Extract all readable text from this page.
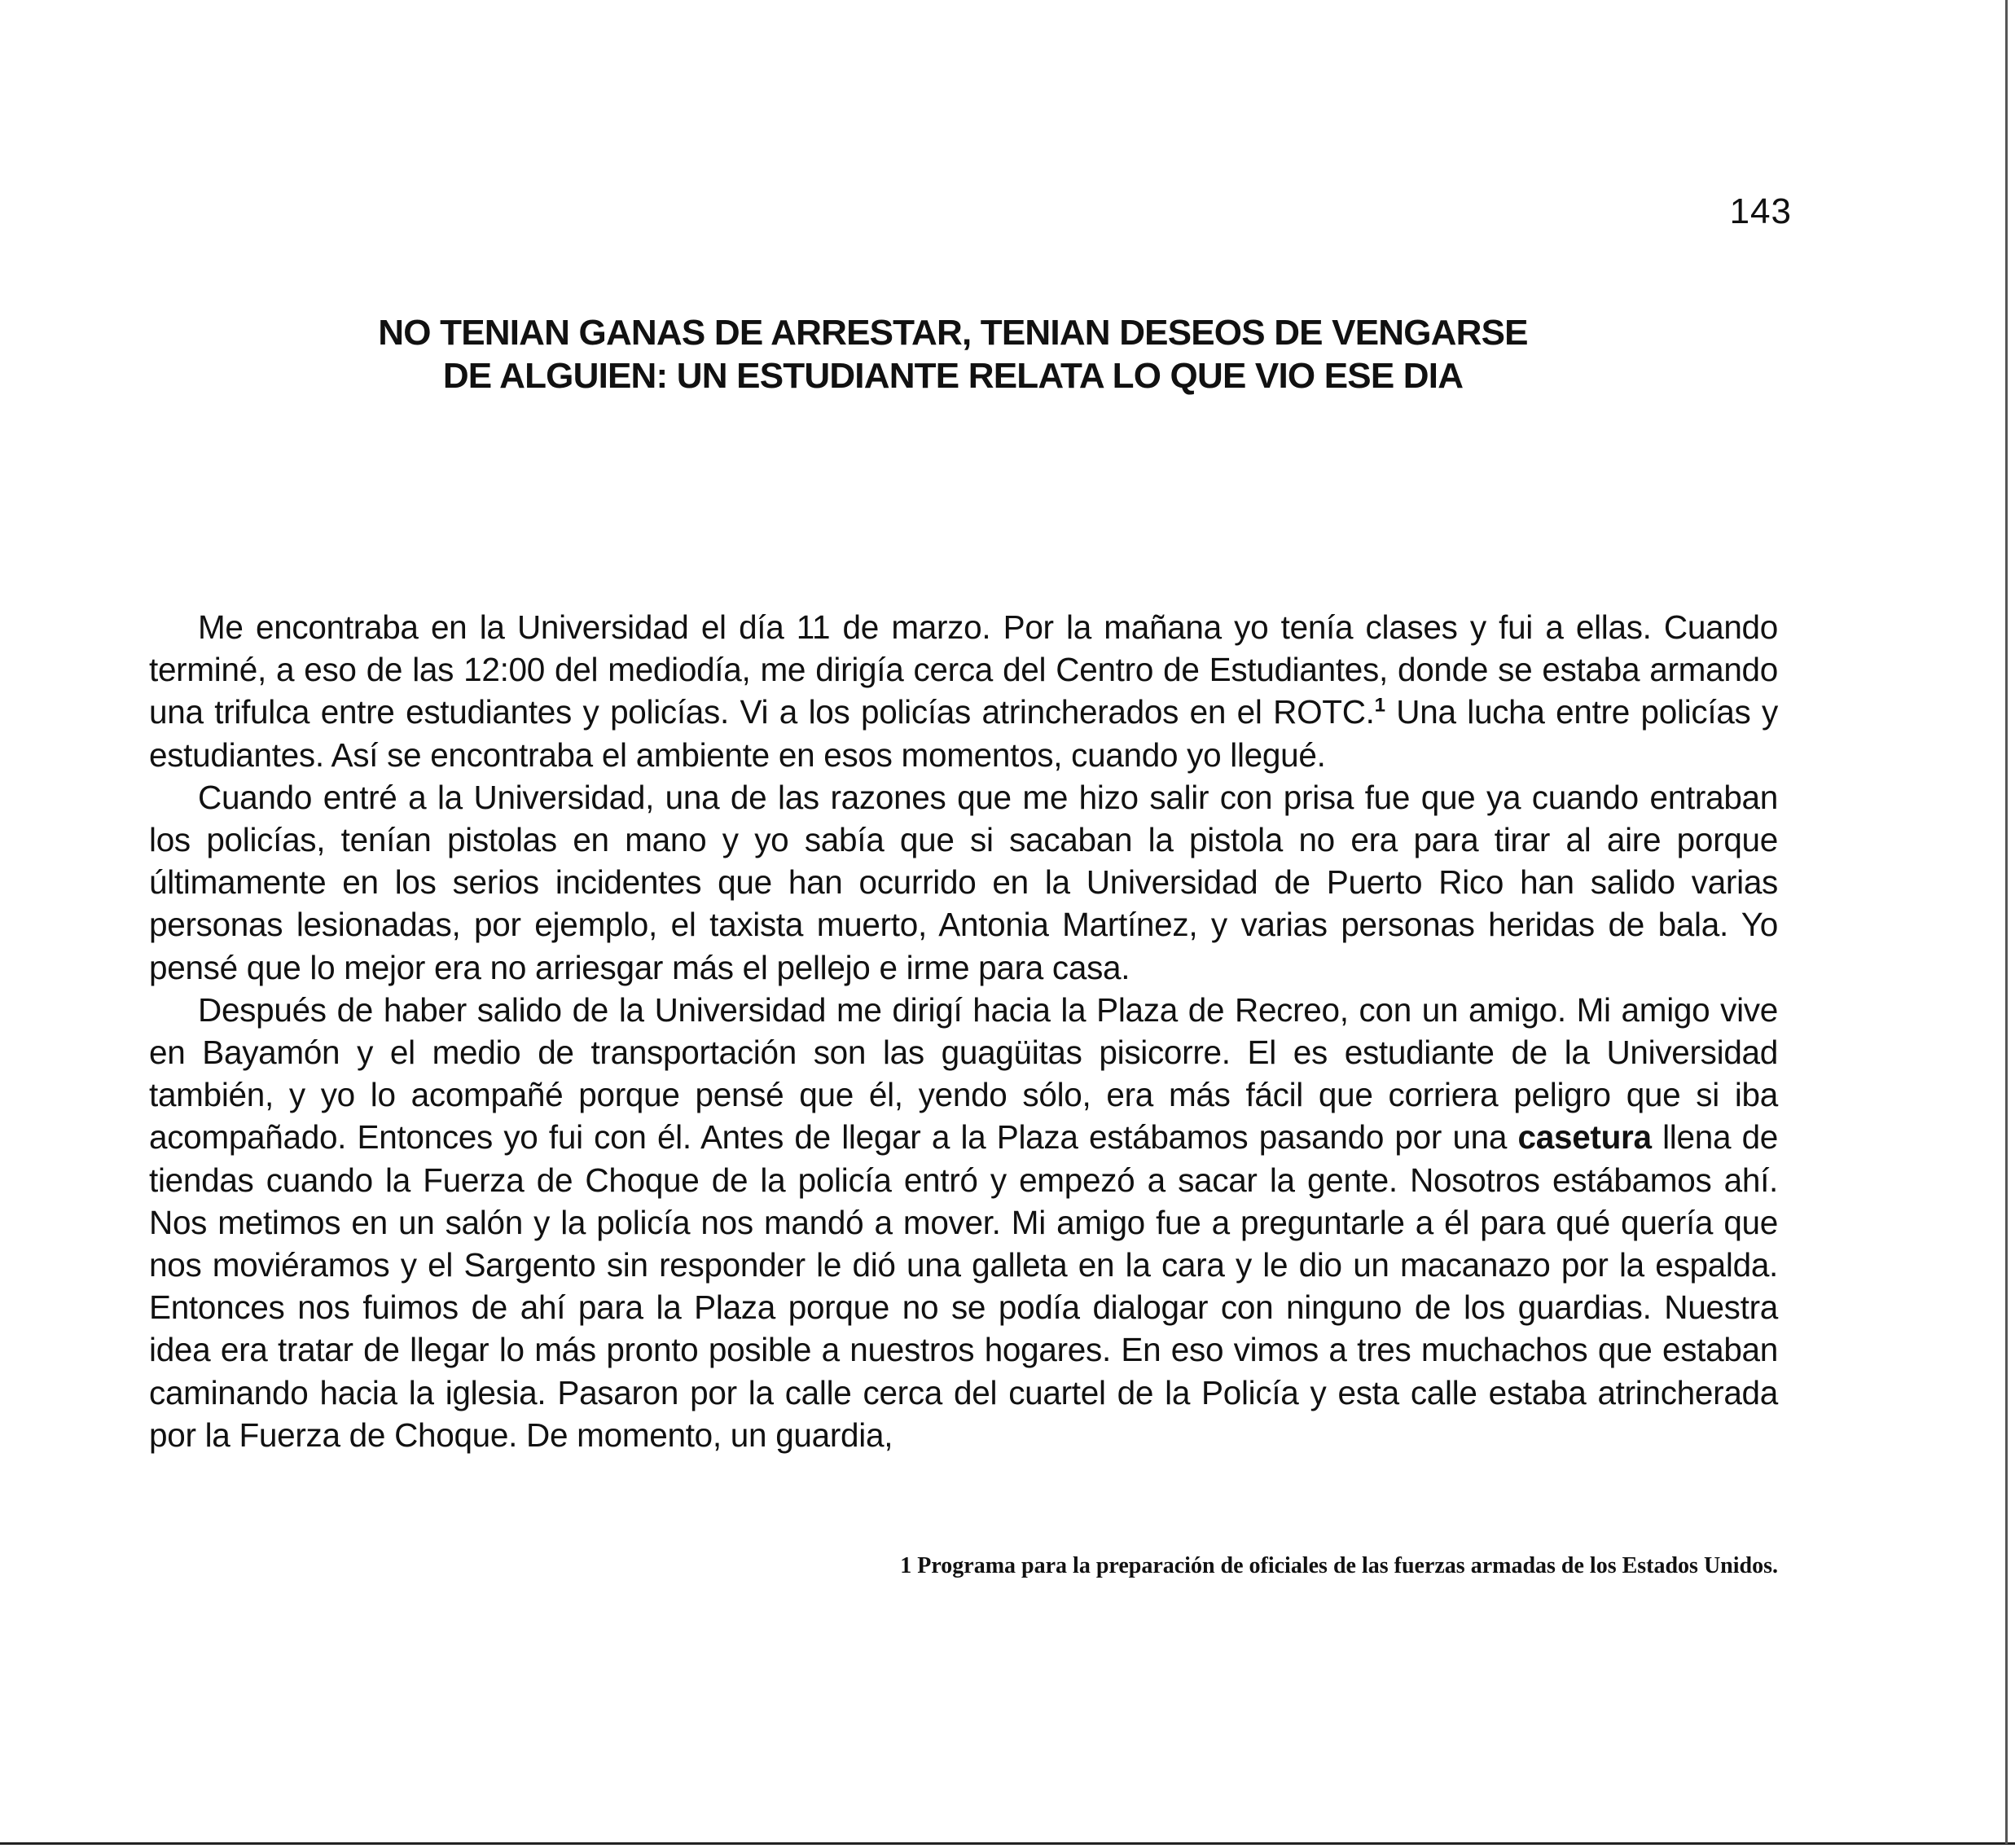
143
NO TENIAN GANAS DE ARRESTAR, TENIAN DESEOS DE VENGARSE
DE ALGUIEN: UN ESTUDIANTE RELATA LO QUE VIO ESE DIA

Me encontraba en la Universidad el día 11 de marzo. Por la mañana yo tenía clases y fui a ellas. Cuando terminé, a eso de las 12:00 del mediodía, me dirigía cerca del Centro de Estudiantes, donde se estaba armando una trifulca entre estudiantes y policías. Vi a los policías atrincherados en el ROTC.$^1$ Una lucha entre policías y estudiantes. Así se encontraba el ambiente en esos momentos, cuando yo llegué.

Cuando entré a la Universidad, una de las razones que me hizo salir con prisa fue que ya cuando entraban los policías, tenían pistolas en mano y yo sabía que si sacaban la pistola no era para tirar al aire porque últimamente en los serios incidentes que han ocurrido en la Universidad de Puerto Rico han salido varias personas lesionadas, por ejemplo, el taxista muerto, Antonia Martínez, y varias personas heridas de bala. Yo pensé que lo mejor era no arriesgar más el pellejo e irme para casa.

Después de haber salido de la Universidad me dirigí hacia la Plaza de Recreo, con un amigo. Mi amigo vive en Bayamón y el medio de transportación son las guagüitas pisicorre. El es estudiante de la Universidad también, y yo lo acompañé porque pensé que él, yendo sólo, era más fácil que corriera peligro que si iba acompañado. Entonces yo fui con él. Antes de llegar a la Plaza estábamos pasando por una casetura llena de tiendas cuando la Fuerza de Choque de la policía entró y empezó a sacar la gente. Nosotros estábamos ahí. Nos metimos en un salón y la policía nos mandó a mover. Mi amigo fue a preguntarle a él para qué quería que nos moviéramos y el Sargento sin responder le dió una galleta en la cara y le dio un macanazo por la espalda. Entonces nos fuimos de ahí para la Plaza porque no se podía dialogar con ninguno de los guardias. Nuestra idea era tratar de llegar lo más pronto posible a nuestros hogares. En eso vimos a tres muchachos que estaban caminando hacia la iglesia. Pasaron por la calle cerca del cuartel de la Policía y esta calle estaba atrincherada por la Fuerza de Choque. De momento, un guardia,

1 Programa para la preparación de oficiales de las fuerzas armadas de los Estados Unidos.
